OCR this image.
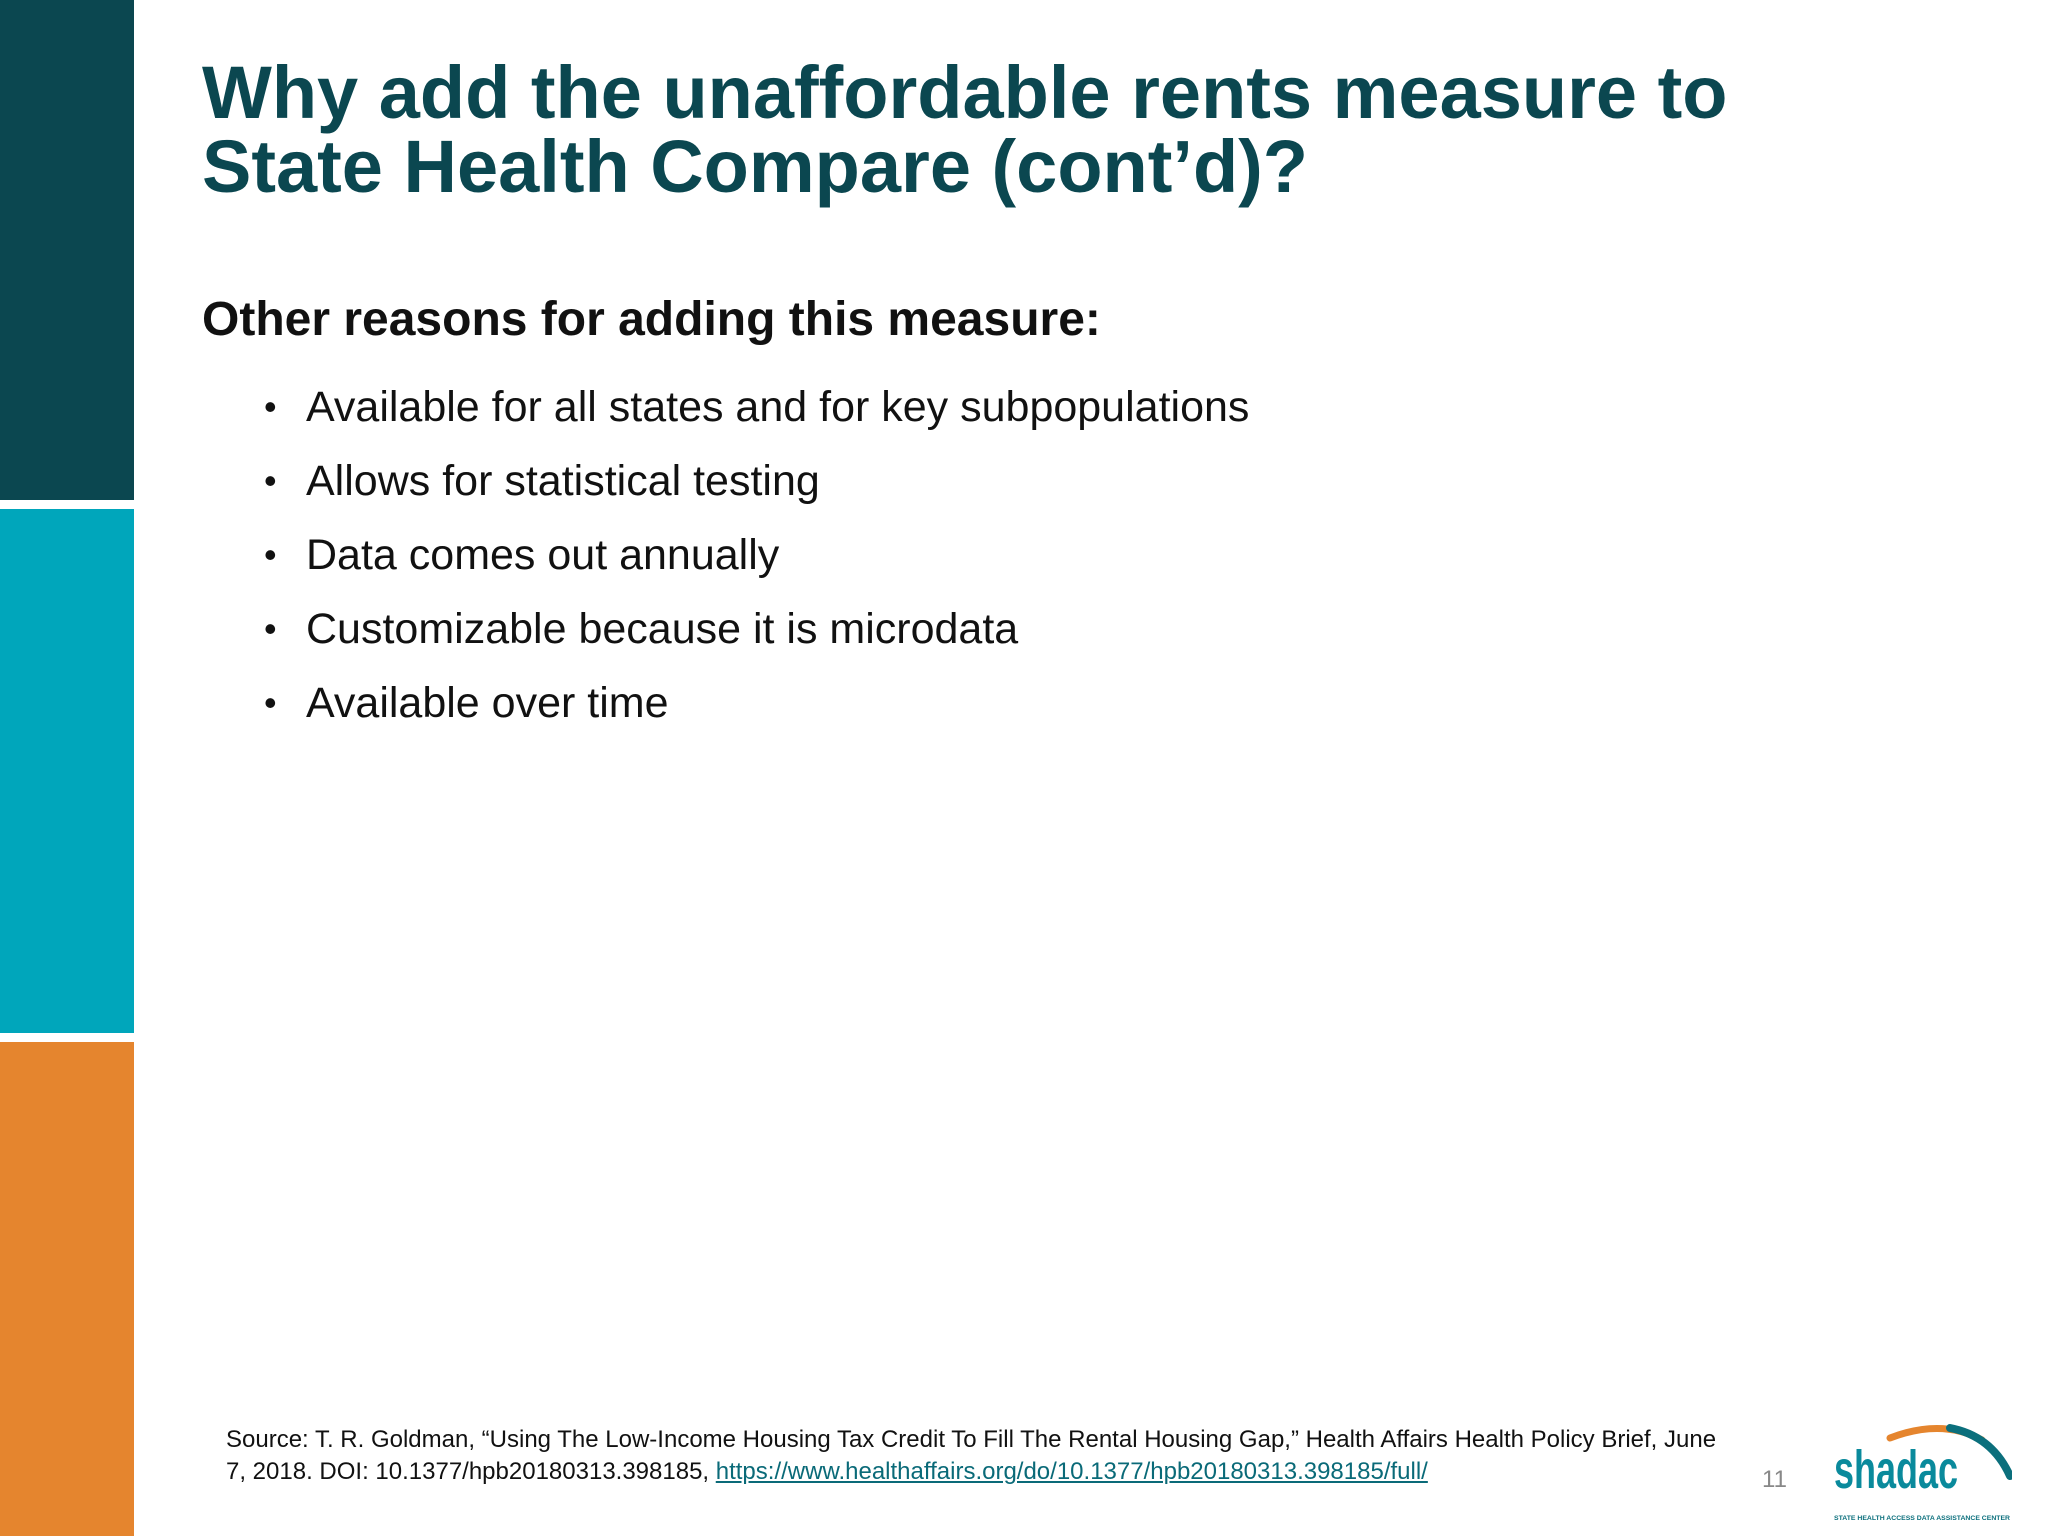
Why add the unaffordable rents measure to State Health Compare (cont’d)?
Other reasons for adding this measure:
• Available for all states and for key subpopulations
• Allows for statistical testing
• Data comes out annually
• Customizable because it is microdata
• Available over time

Source: T. R. Goldman, “Using The Low-Income Housing Tax Credit To Fill The Rental Housing Gap,” Health Affairs Health Policy Brief, June 7, 2018. DOI: 10.1377/hpb20180313.398185, https://www.healthaffairs.org/do/10.1377/hpb20180313.398185/full/	11 shadac
STATE HEALTH ACCESS DATA ASSISTANCE CENTER
